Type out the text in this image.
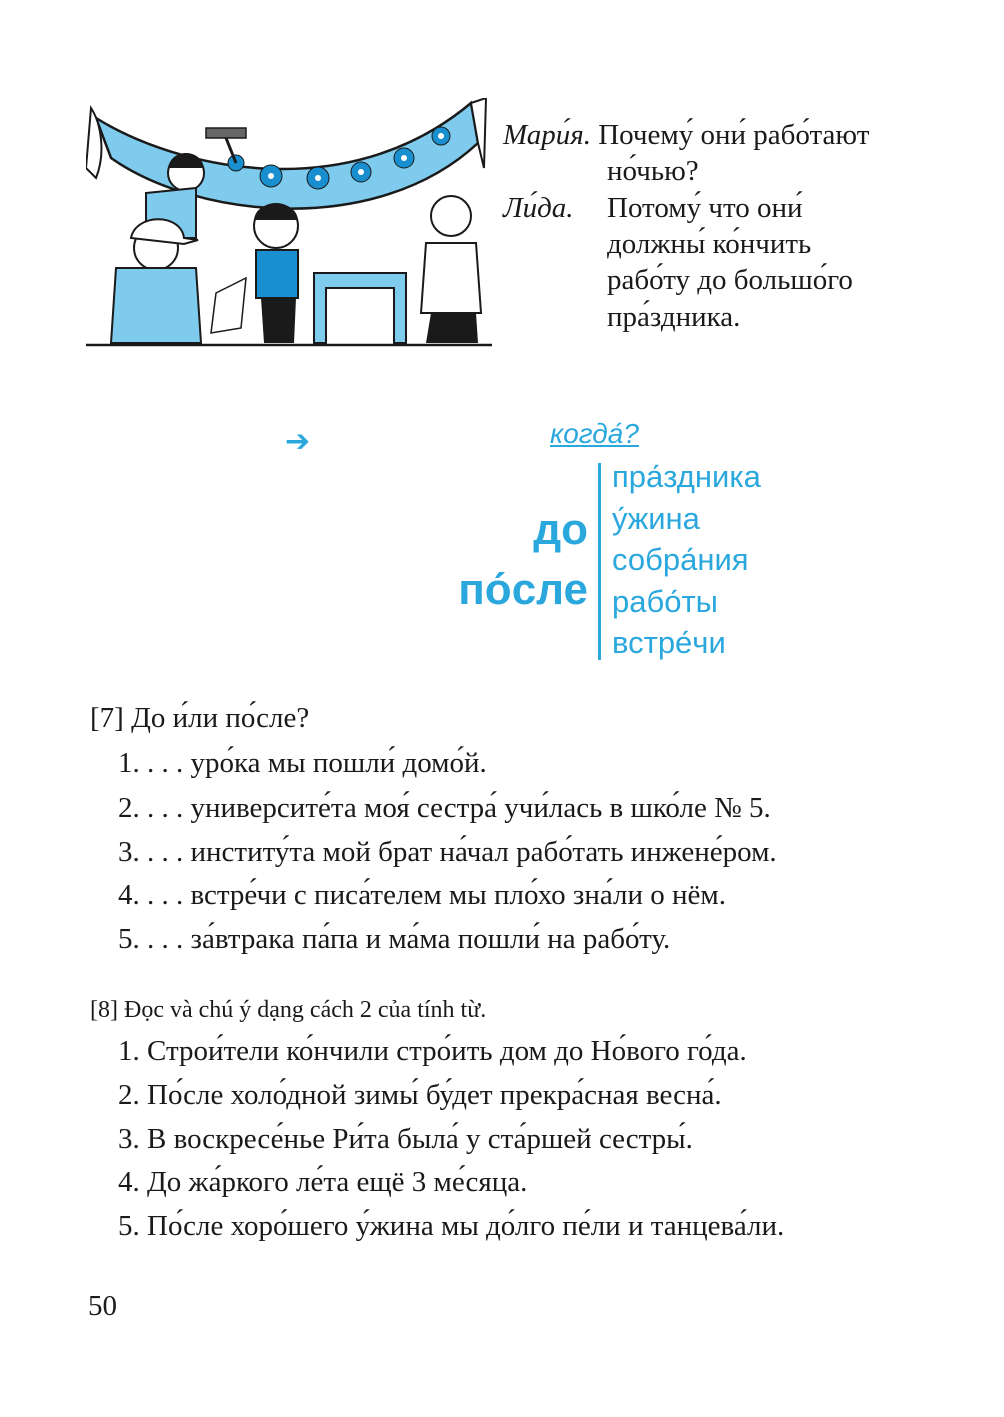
Мари́я. Почему́ они́ рабо́тают
но́чью?
Ли́да. Потому́ что они́
должны́ ко́нчить
рабо́ту до большо́го
пра́здника.
➔	когда́?
до
по́сле
пра́здника
у́жина
собра́ния
рабо́ты
встре́чи
[7] До и́ли по́сле?
1. . . . уро́ка мы пошли́ домо́й.
2. . . . университе́та моя́ сестра́ учи́лась в шко́ле № 5.
3. . . . институ́та мой брат на́чал рабо́тать инжене́ром.
4. . . . встре́чи с писа́телем мы пло́хо зна́ли о нём.
5. . . . за́втрака па́па и ма́ма пошли́ на рабо́ту.
[8] Đọc và chú ý dạng cách 2 của tính từ.
1. Строи́тели ко́нчили стро́ить дом до Но́вого го́да.
2. По́сле холо́дной зимы́ бу́дет прекра́сная весна́.
3. В воскресе́нье Ри́та была́ у ста́ршей сестры́.
4. До жа́ркого ле́та ещё 3 ме́сяца.
5. По́сле хоро́шего у́жина мы до́лго пе́ли и танцева́ли.
50
